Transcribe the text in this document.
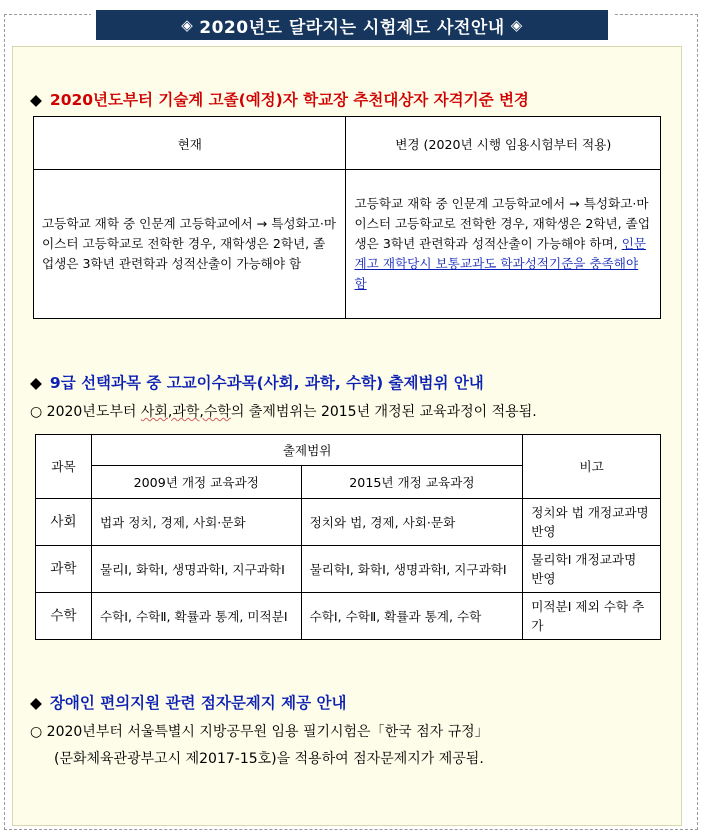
◈ 2020년도 달라지는 시험제도 사전안내 ◈
◆ 2020년도부터 기술계 고졸(예정)자 학교장 추천대상자 자격기준 변경
현재	변경 (2020년 시행 임용시험부터 적용)
고등학교 재학 중 인문계 고등학교에서 → 특성화고·마이스터 고등학교로 전학한 경우, 재학생은 2학년, 졸업생은 3학년 관련학과 성적산출이 가능해야 함	고등학교 재학 중 인문계 고등학교에서 → 특성화고·마이스터 고등학교로 전학한 경우, 재학생은 2학년, 졸업생은 3학년 관련학과 성적산출이 가능해야 하며, 인문계고 재학당시 보통교과도 학과성적기준을 충족해야 함
◆ 9급 선택과목 중 고교이수과목(사회, 과학, 수학) 출제범위 안내
○ 2020년도부터 사회,과학,수학의 출제범위는 2015년 개정된 교육과정이 적용됨.
과목	출제범위		비고
	2009년 개정 교육과정	2015년 개정 교육과정	
사회	법과 정치, 경제, 사회·문화	정치와 법, 경제, 사회·문화	정치와 법 개정교과명 반영
과학	물리Ⅰ, 화학Ⅰ, 생명과학Ⅰ, 지구과학Ⅰ	물리학Ⅰ, 화학Ⅰ, 생명과학Ⅰ, 지구과학Ⅰ	물리학Ⅰ 개정교과명 반영
수학	수학Ⅰ, 수학Ⅱ, 확률과 통계, 미적분Ⅰ	수학Ⅰ, 수학Ⅱ, 확률과 통계, 수학	미적분Ⅰ 제외 수학 추가
◆ 장애인 편의지원 관련 점자문제지 제공 안내
○ 2020년부터 서울특별시 지방공무원 임용 필기시험은「한국 점자 규정」
(문화체육관광부고시 제2017-15호)을 적용하여 점자문제지가 제공됨.
